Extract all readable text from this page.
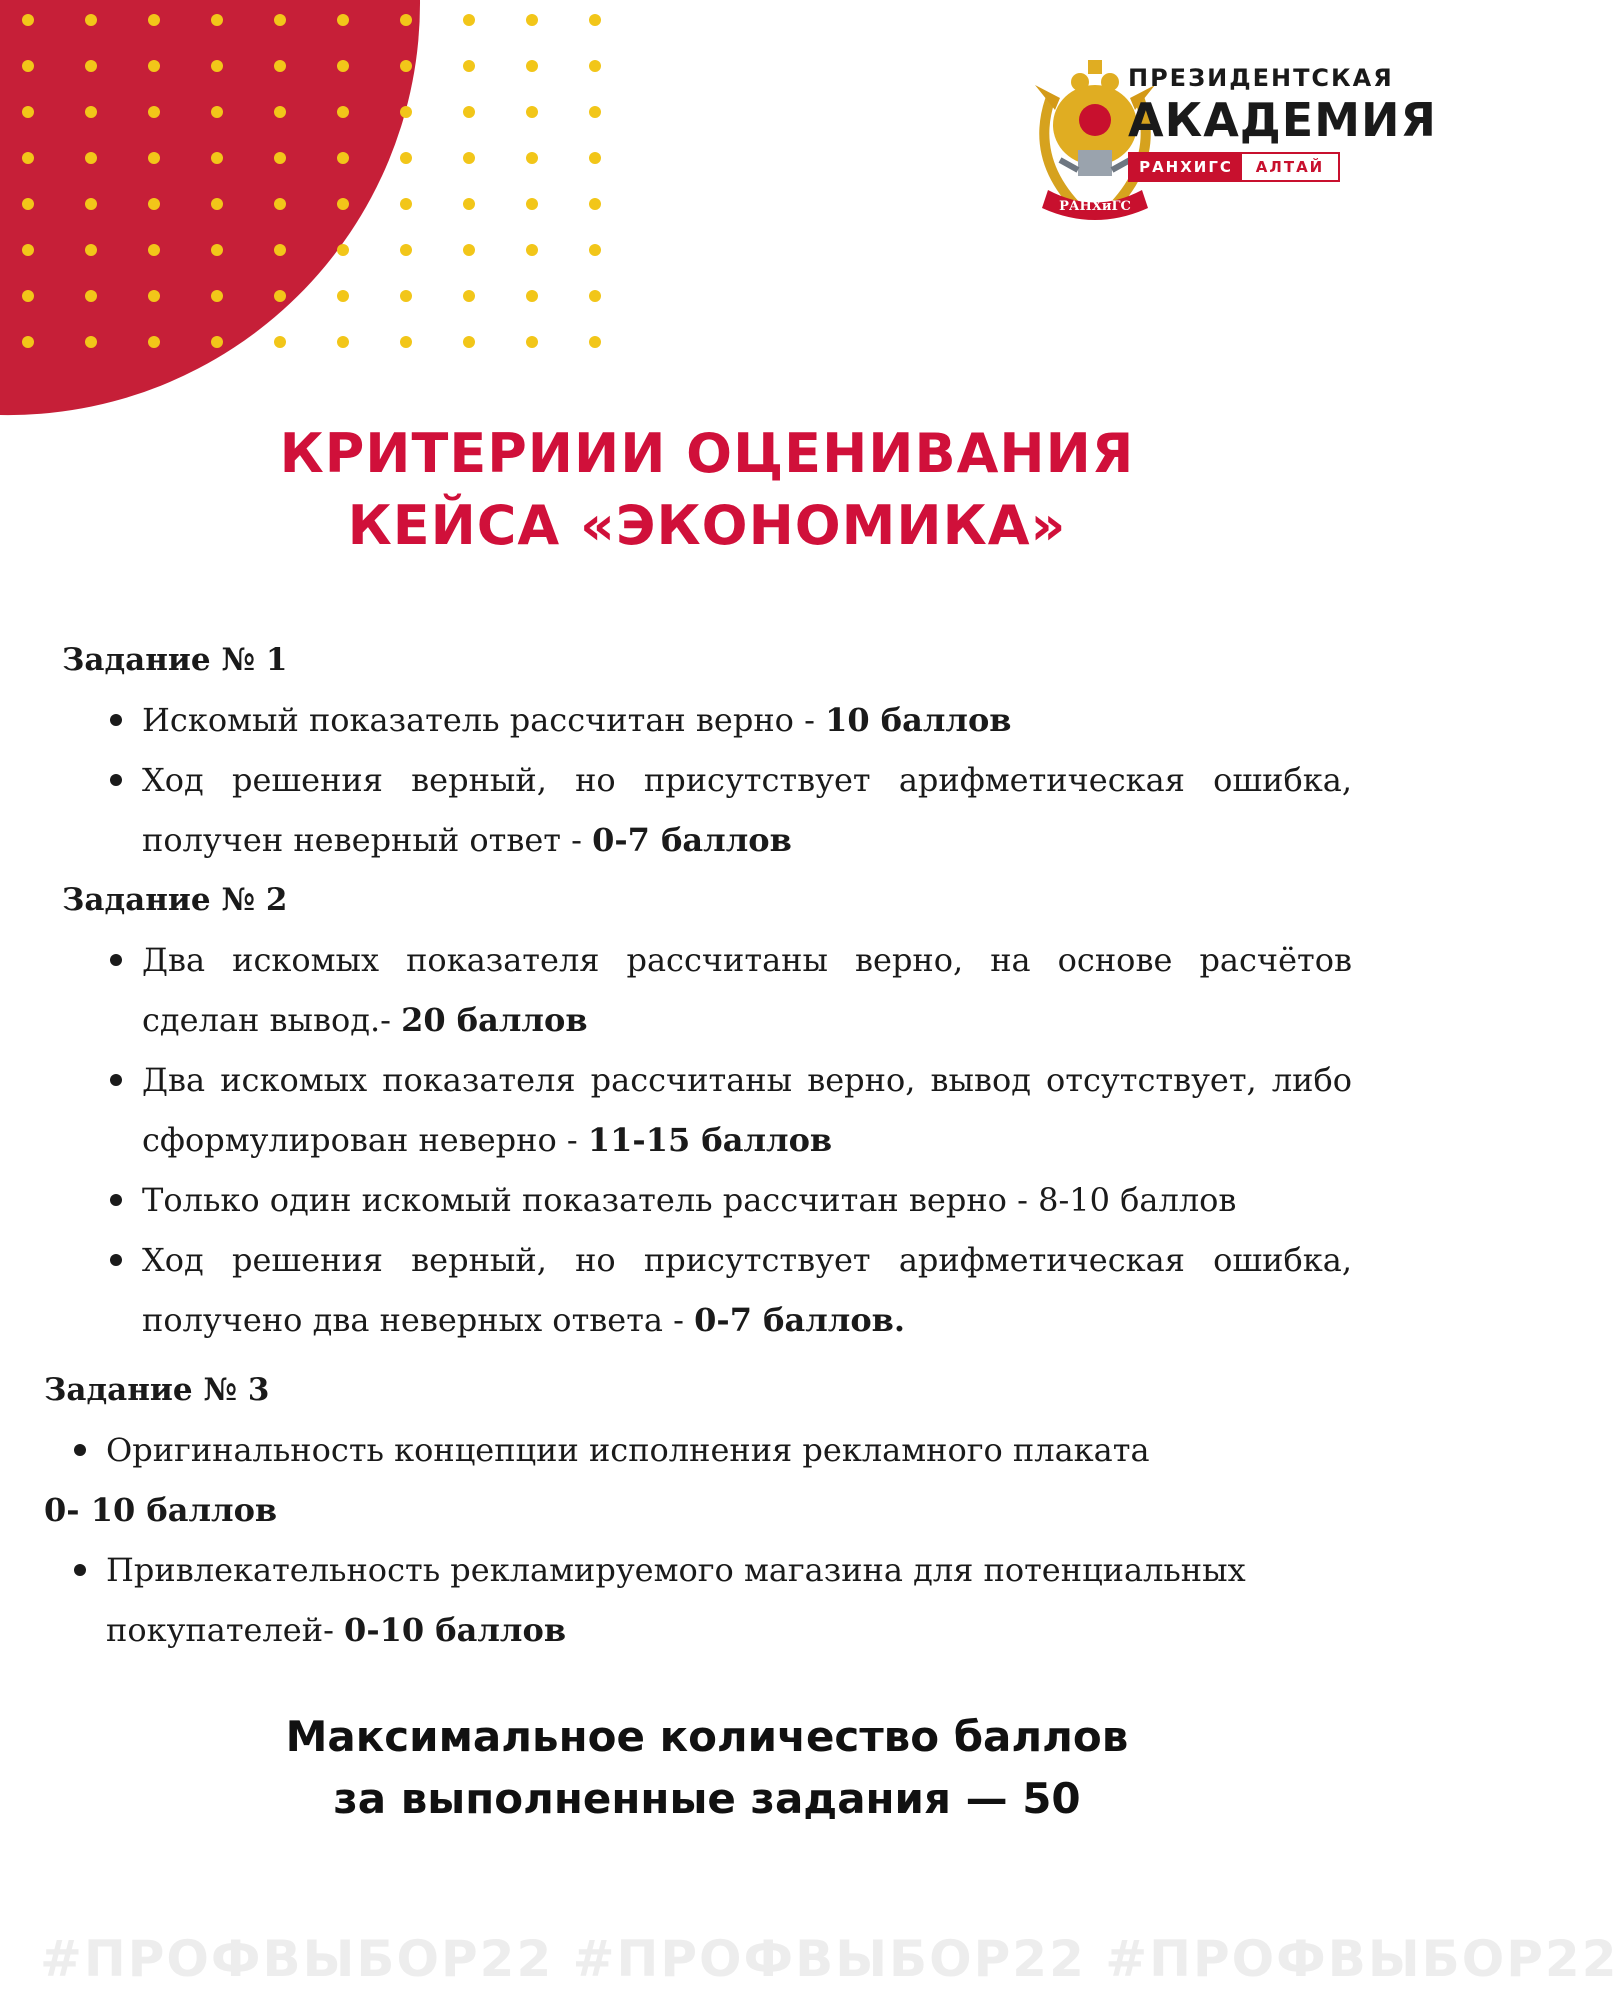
РАНХиГС
ПРЕЗИДЕНТСКАЯ
АКАДЕМИЯ
РАНХИГС	АЛТАЙ
КРИТЕРИИИ ОЦЕНИВАНИЯ
КЕЙСА «ЭКОНОМИКА»

Задание № 1

Искомый показатель рассчитан верно - 10 баллов
Ход решения верный, но присутствует арифметическая ошибка, получен неверный ответ - 0-7 баллов

Задание № 2

Два искомых показателя рассчитаны верно, на основе расчётов сделан вывод.- 20 баллов
Два искомых показателя рассчитаны верно, вывод отсутствует, либо сформулирован неверно - 11-15 баллов
Только один искомый показатель рассчитан верно - 8-10 баллов
Ход решения верный, но присутствует арифметическая ошибка, получено два неверных ответа - 0-7 баллов.

Задание № 3

Оригинальность концепции исполнения рекламного плаката
0- 10 баллов
Привлекательность рекламируемого магазина для потенциальных покупателей- 0-10 баллов
Максимальное количество баллов
за выполненные задания — 50
#ПРОФВЫБОР22 #ПРОФВЫБОР22 #ПРОФВЫБОР22
